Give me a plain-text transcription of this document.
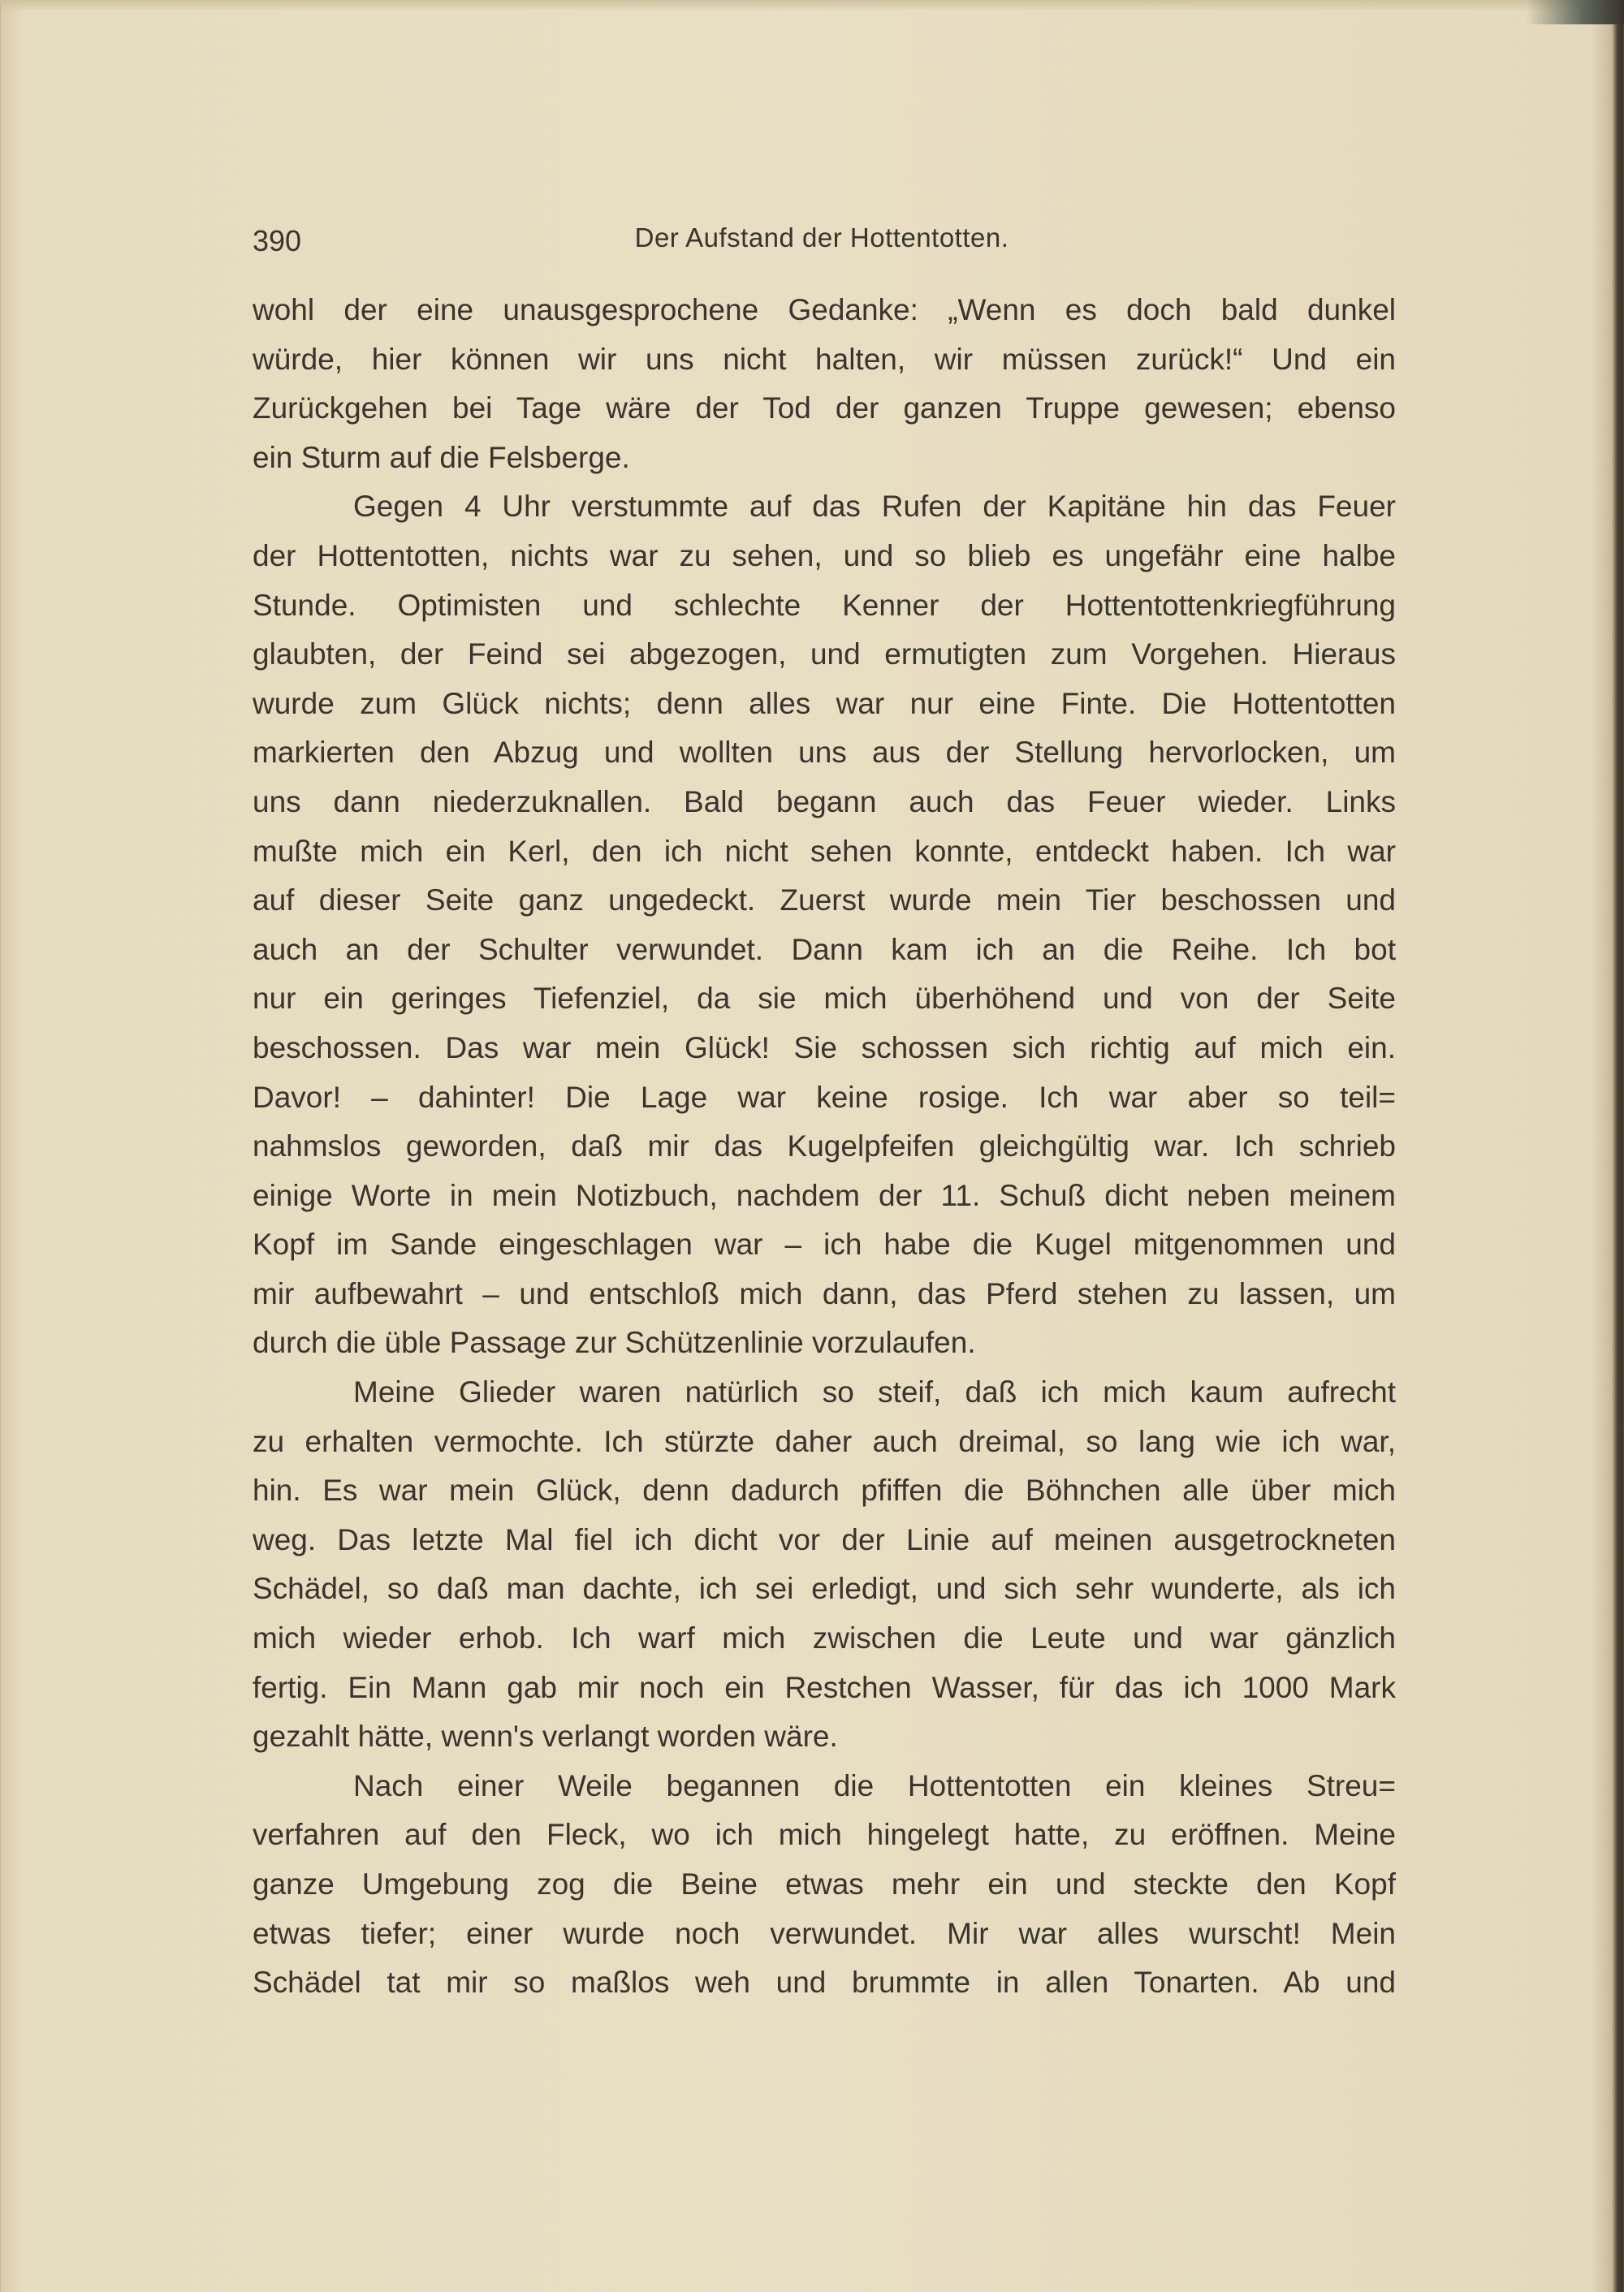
390	Der Aufstand der Hottentotten.
wohl der eine unausgesprochene Gedanke: „Wenn es doch bald dunkel
würde, hier können wir uns nicht halten, wir müssen zurück!“ Und ein
Zurückgehen bei Tage wäre der Tod der ganzen Truppe gewesen; ebenso
ein Sturm auf die Felsberge.
Gegen 4 Uhr verstummte auf das Rufen der Kapitäne hin das Feuer
der Hottentotten, nichts war zu sehen, und so blieb es ungefähr eine halbe
Stunde. Optimisten und schlechte Kenner der Hottentottenkriegführung
glaubten, der Feind sei abgezogen, und ermutigten zum Vorgehen. Hieraus
wurde zum Glück nichts; denn alles war nur eine Finte. Die Hottentotten
markierten den Abzug und wollten uns aus der Stellung hervorlocken, um
uns dann niederzuknallen. Bald begann auch das Feuer wieder. Links
mußte mich ein Kerl, den ich nicht sehen konnte, entdeckt haben. Ich war
auf dieser Seite ganz ungedeckt. Zuerst wurde mein Tier beschossen und
auch an der Schulter verwundet. Dann kam ich an die Reihe. Ich bot
nur ein geringes Tiefenziel, da sie mich überhöhend und von der Seite
beschossen. Das war mein Glück! Sie schossen sich richtig auf mich ein.
Davor! – dahinter! Die Lage war keine rosige. Ich war aber so teil=
nahmslos geworden, daß mir das Kugelpfeifen gleichgültig war. Ich schrieb
einige Worte in mein Notizbuch, nachdem der 11. Schuß dicht neben meinem
Kopf im Sande eingeschlagen war – ich habe die Kugel mitgenommen und
mir aufbewahrt – und entschloß mich dann, das Pferd stehen zu lassen, um
durch die üble Passage zur Schützenlinie vorzulaufen.
Meine Glieder waren natürlich so steif, daß ich mich kaum aufrecht
zu erhalten vermochte. Ich stürzte daher auch dreimal, so lang wie ich war,
hin. Es war mein Glück, denn dadurch pfiffen die Böhnchen alle über mich
weg. Das letzte Mal fiel ich dicht vor der Linie auf meinen ausgetrockneten
Schädel, so daß man dachte, ich sei erledigt, und sich sehr wunderte, als ich
mich wieder erhob. Ich warf mich zwischen die Leute und war gänzlich
fertig. Ein Mann gab mir noch ein Restchen Wasser, für das ich 1000 Mark
gezahlt hätte, wenn's verlangt worden wäre.
Nach einer Weile begannen die Hottentotten ein kleines Streu=
verfahren auf den Fleck, wo ich mich hingelegt hatte, zu eröffnen. Meine
ganze Umgebung zog die Beine etwas mehr ein und steckte den Kopf
etwas tiefer; einer wurde noch verwundet. Mir war alles wurscht! Mein
Schädel tat mir so maßlos weh und brummte in allen Tonarten. Ab und
